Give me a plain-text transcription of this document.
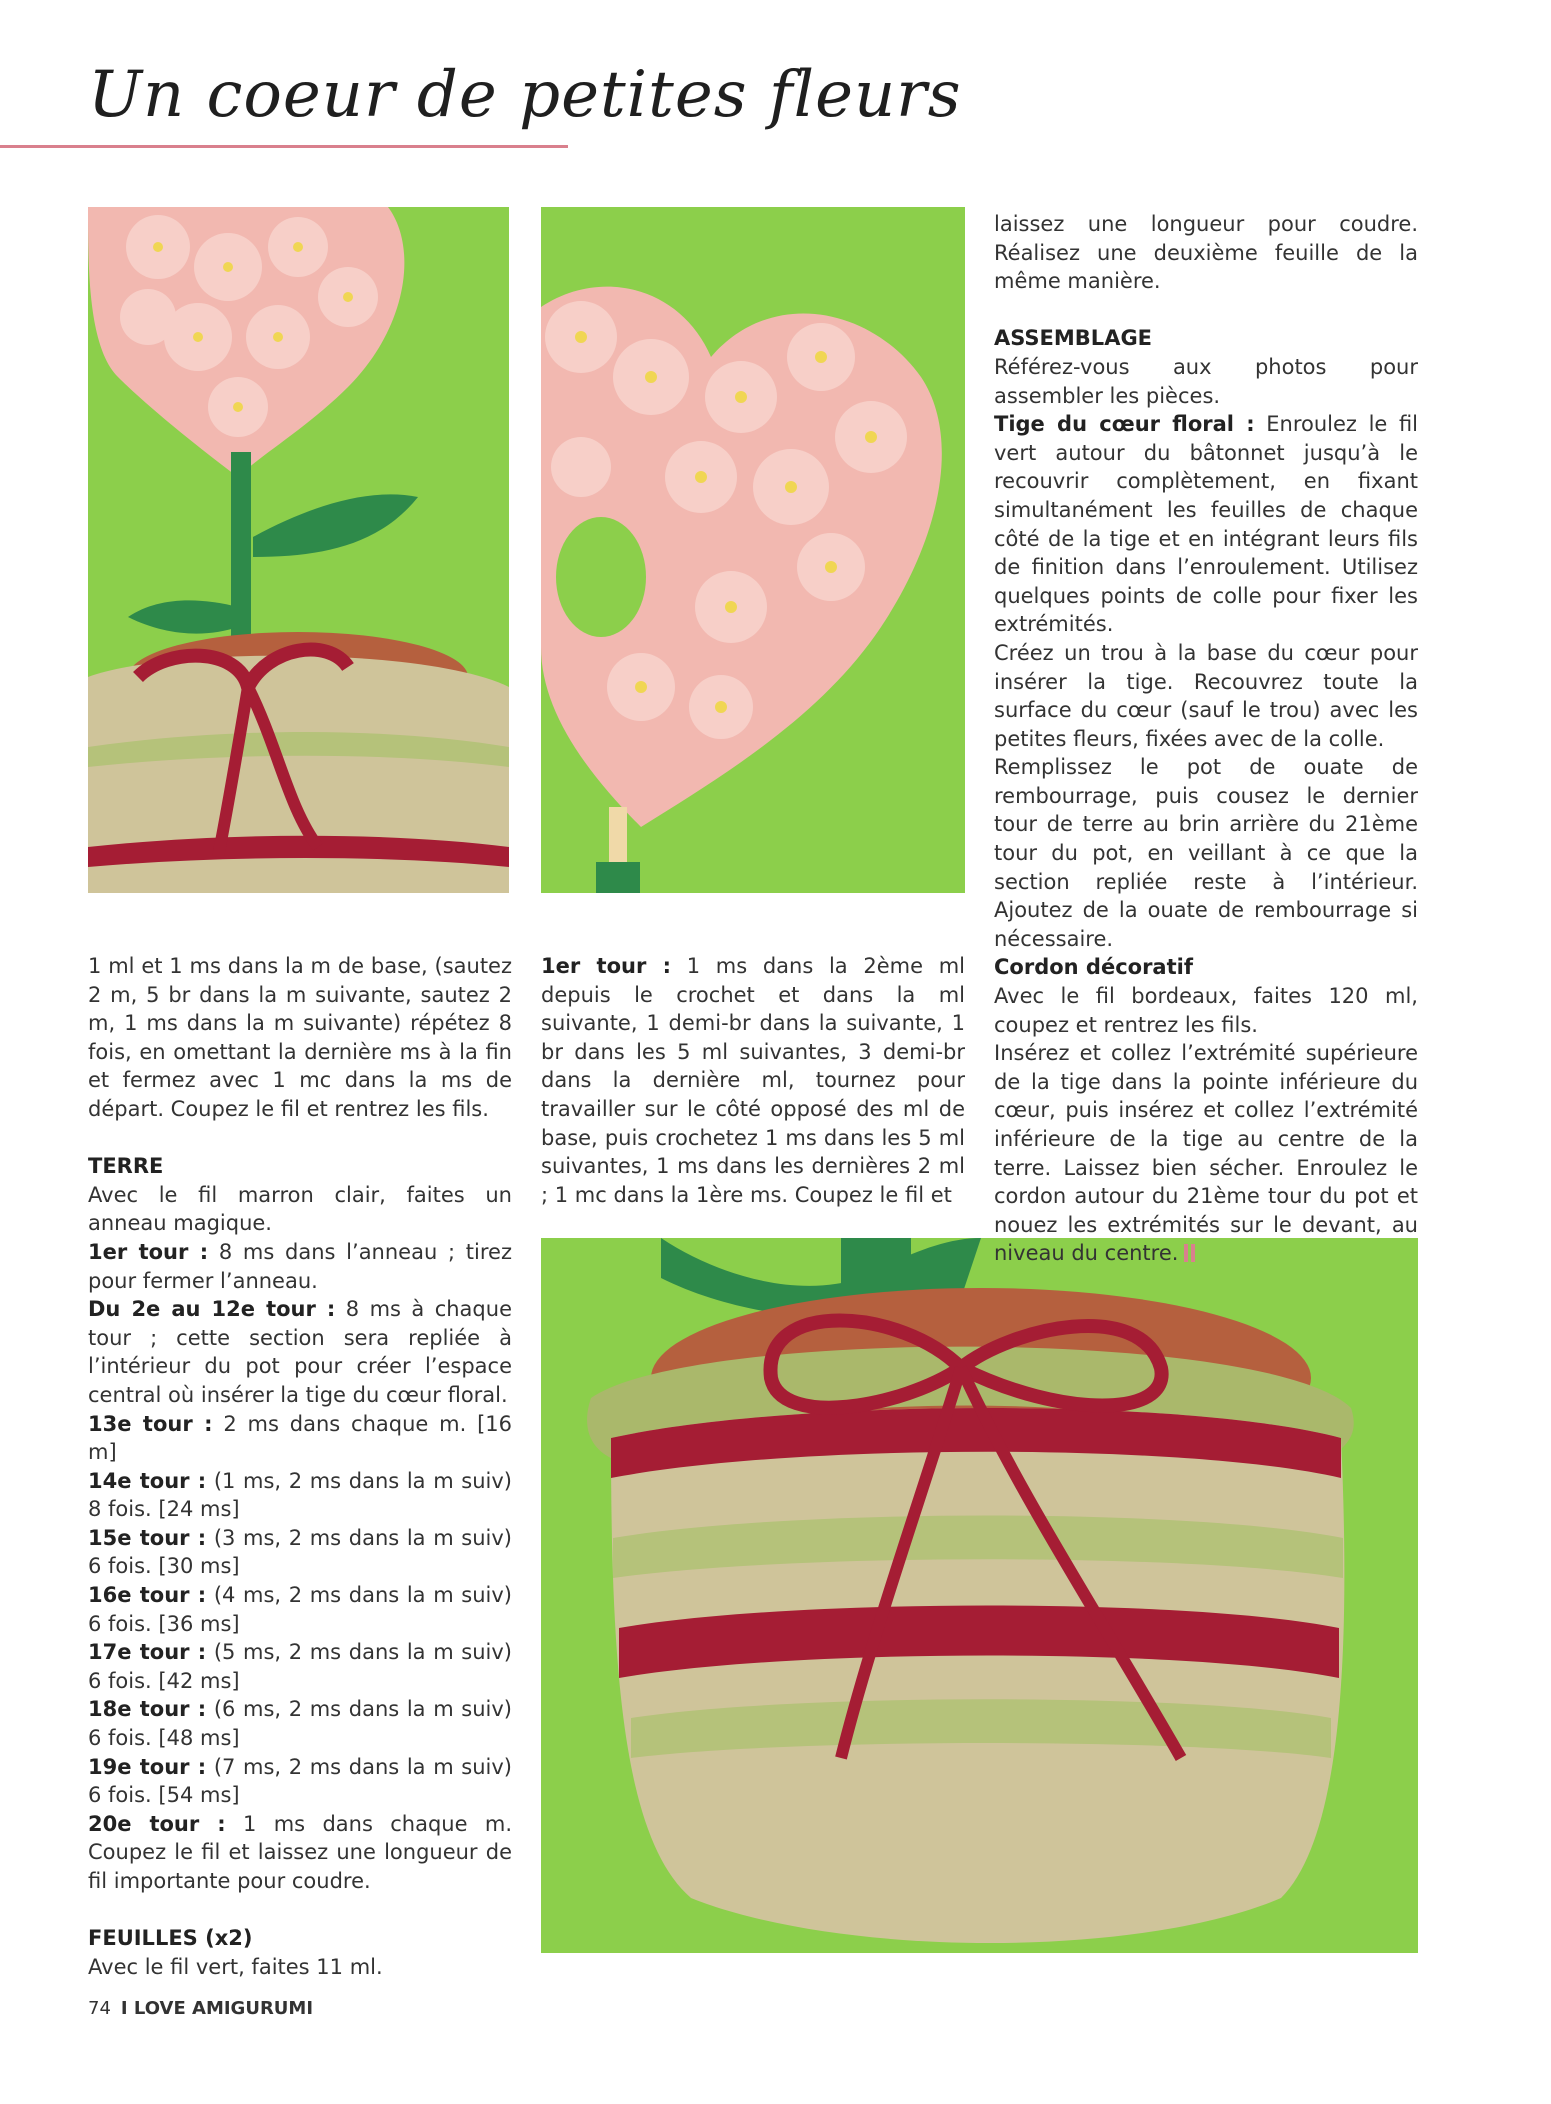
Un coeur de petites fleurs

1 ml et 1 ms dans la m de base, (sautez 2 m, 5 br dans la m suivante, sautez 2 m, 1 ms dans la m suivante) répétez 8 fois, en omettant la dernière ms à la fin et fermez avec 1 mc dans la ms de départ. Coupez le fil et rentrez les fils.

TERRE

Avec le fil marron clair, faites un anneau magique.

1er tour : 8 ms dans l’anneau ; tirez pour fermer l’anneau.

Du 2e au 12e tour : 8 ms à chaque tour ; cette section sera repliée à l’intérieur du pot pour créer l’espace central où insérer la tige du cœur floral.

13e tour : 2 ms dans chaque m. [16 m]

14e tour : (1 ms, 2 ms dans la m suiv) 8 fois. [24 ms]

15e tour : (3 ms, 2 ms dans la m suiv) 6 fois. [30 ms]

16e tour : (4 ms, 2 ms dans la m suiv) 6 fois. [36 ms]

17e tour : (5 ms, 2 ms dans la m suiv) 6 fois. [42 ms]

18e tour : (6 ms, 2 ms dans la m suiv) 6 fois. [48 ms]

19e tour : (7 ms, 2 ms dans la m suiv) 6 fois. [54 ms]

20e tour : 1 ms dans chaque m. Coupez le fil et laissez une longueur de fil importante pour coudre.

FEUILLES (x2)

Avec le fil vert, faites 11 ml.

1er tour : 1 ms dans la 2ème ml depuis le crochet et dans la ml suivante, 1 demi-br dans la suivante, 1 br dans les 5 ml suivantes, 3 demi-br dans la dernière ml, tournez pour travailler sur le côté opposé des ml de base, puis crochetez 1 ms dans les 5 ml suivantes, 1 ms dans les dernières 2 ml ; 1 mc dans la 1ère ms. Coupez le fil et

laissez une longueur pour coudre. Réalisez une deuxième feuille de la même manière.

ASSEMBLAGE

Référez-vous aux photos pour assembler les pièces.

Tige du cœur floral : Enroulez le fil vert autour du bâtonnet jusqu’à le recouvrir complètement, en fixant simultanément les feuilles de chaque côté de la tige et en intégrant leurs fils de finition dans l’enroulement. Utilisez quelques points de colle pour fixer les extrémités.

Créez un trou à la base du cœur pour insérer la tige. Recouvrez toute la surface du cœur (sauf le trou) avec les petites fleurs, fixées avec de la colle.

Remplissez le pot de ouate de rembourrage, puis cousez le dernier tour de terre au brin arrière du 21ème tour du pot, en veillant à ce que la section repliée reste à l’intérieur. Ajoutez de la ouate de rembourrage si nécessaire.

Cordon décoratif

Avec le fil bordeaux, faites 120 ml, coupez et rentrez les fils.

Insérez et collez l’extrémité supérieure de la tige dans la pointe inférieure du cœur, puis insérez et collez l’extrémité inférieure de la tige au centre de la terre. Laissez bien sécher. Enroulez le cordon autour du 21ème tour du pot et nouez les extrémités sur le devant, au niveau du centre.

74 I LOVE AMIGURUMI
